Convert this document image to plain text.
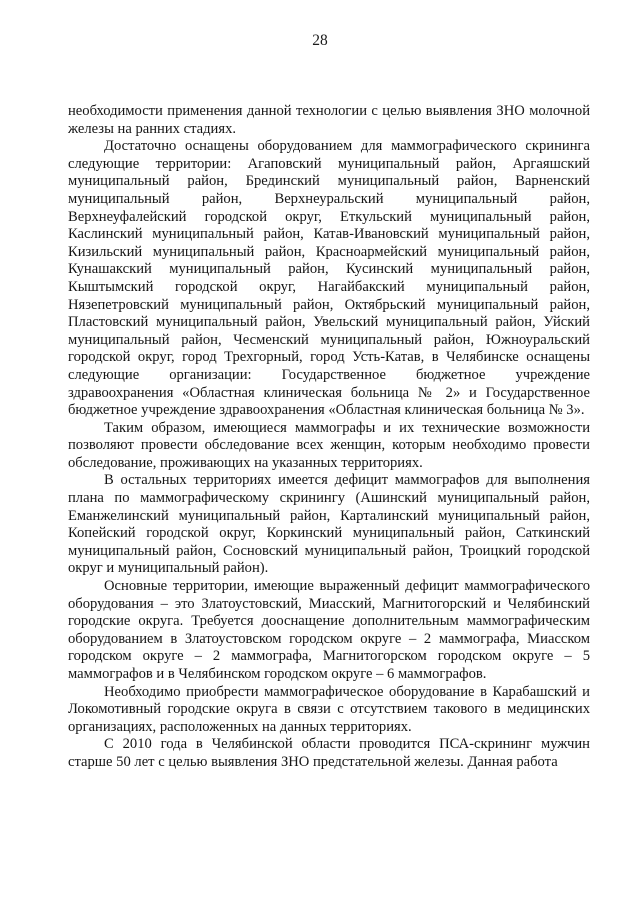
28

необходимости применения данной технологии с целью выявления ЗНО молочной железы на ранних стадиях.

Достаточно оснащены оборудованием для маммографического скрининга следующие территории: Агаповский муниципальный район, Аргаяшский муниципальный район, Брединский муниципальный район, Варненский муниципальный район, Верхнеуральский муниципальный район, Верхнеуфалейский городской округ, Еткульский муниципальный район, Каслинский муниципальный район, Катав-Ивановский муниципальный район, Кизильский муниципальный район, Красноармейский муниципальный район, Кунашакский муниципальный район, Кусинский муниципальный район, Кыштымский городской округ, Нагайбакский муниципальный район, Нязепетровский муниципальный район, Октябрьский муниципальный район, Пластовский муниципальный район, Увельский муниципальный район, Уйский муниципальный район, Чесменский муниципальный район, Южноуральский городской округ, город Трехгорный, город Усть-Катав, в Челябинске оснащены следующие организации: Государственное бюджетное учреждение здравоохранения «Областная клиническая больница № 2» и Государственное бюджетное учреждение здравоохранения «Областная клиническая больница № 3».

Таким образом, имеющиеся маммографы и их технические возможности позволяют провести обследование всех женщин, которым необходимо провести обследование, проживающих на указанных территориях.

В остальных территориях имеется дефицит маммографов для выполнения плана по маммографическому скринингу (Ашинский муниципальный район, Еманжелинский муниципальный район, Карталинский муниципальный район, Копейский городской округ, Коркинский муниципальный район, Саткинский муниципальный район, Сосновский муниципальный район, Троицкий городской округ и муниципальный район).

Основные территории, имеющие выраженный дефицит маммографического оборудования – это Златоустовский, Миасский, Магнитогорский и Челябинский городские округа. Требуется дооснащение дополнительным маммографическим оборудованием в Златоустовском городском округе – 2 маммографа, Миасском городском округе – 2 маммографа, Магнитогорском городском округе – 5 маммографов и в Челябинском городском округе – 6 маммографов.

Необходимо приобрести маммографическое оборудование в Карабашский и Локомотивный городские округа в связи с отсутствием такового в медицинских организациях, расположенных на данных территориях.

С 2010 года в Челябинской области проводится ПСА-скрининг мужчин старше 50 лет с целью выявления ЗНО предстательной железы. Данная работа
